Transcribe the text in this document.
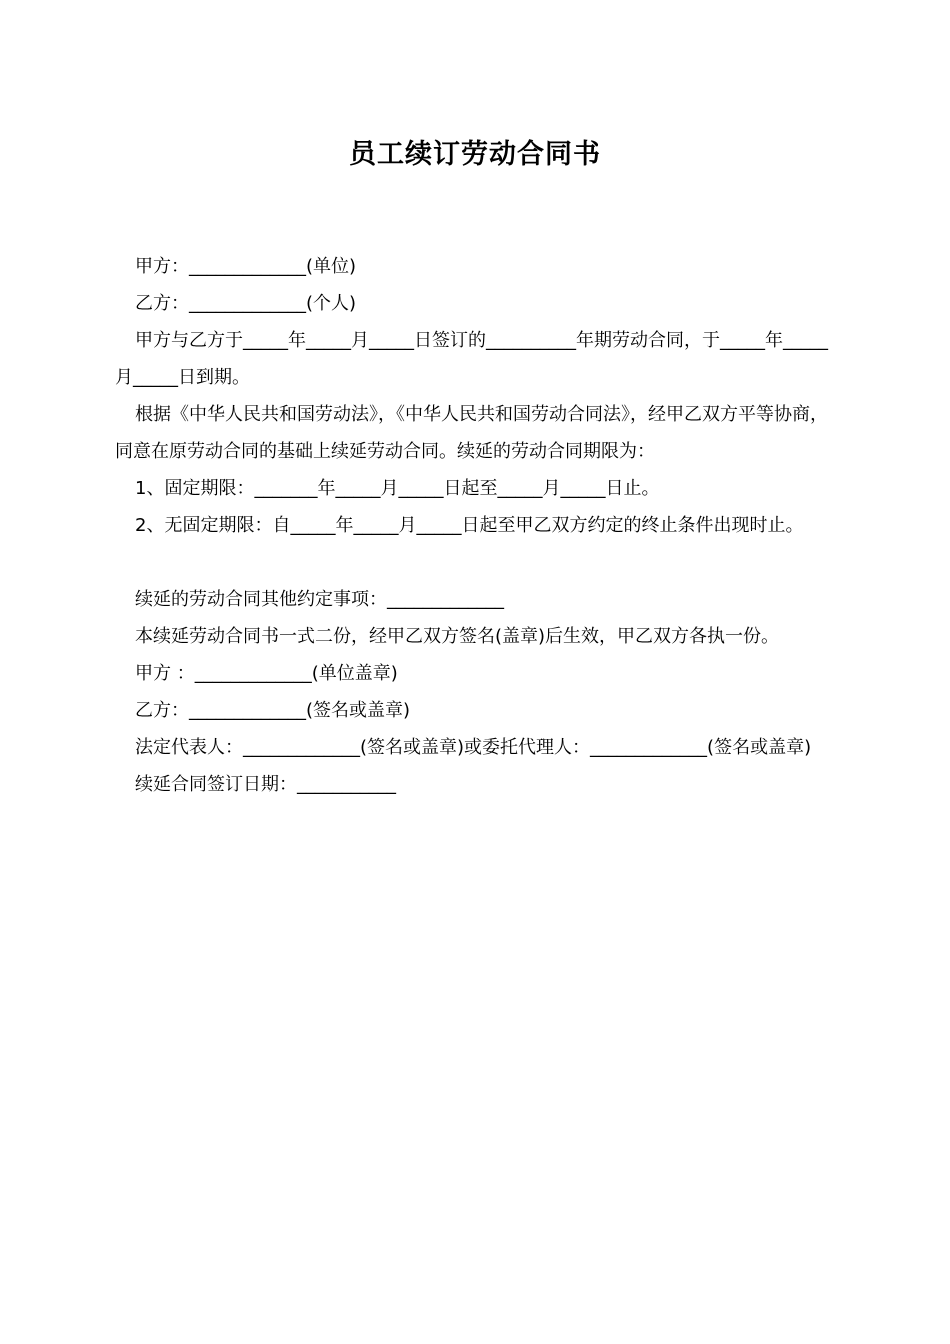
员工续订劳动合同书

甲方：_____________(单位)

乙方：_____________(个人)

甲方与乙方于_____年_____月_____日签订的__________年期劳动合同，于_____年_____月_____日到期。

根据《中华人民共和国劳动法》，《中华人民共和国劳动合同法》，经甲乙双方平等协商，同意在原劳动合同的基础上续延劳动合同。续延的劳动合同期限为：

1、固定期限：_______年_____月_____日起至_____月_____日止。

2、无固定期限：自_____年_____月_____日起至甲乙双方约定的终止条件出现时止。

续延的劳动合同其他约定事项：_____________

本续延劳动合同书一式二份，经甲乙双方签名(盖章)后生效，甲乙双方各执一份。

甲方 ：_____________(单位盖章)

乙方：_____________(签名或盖章)

法定代表人：_____________(签名或盖章)或委托代理人：_____________(签名或盖章)

续延合同签订日期：___________
